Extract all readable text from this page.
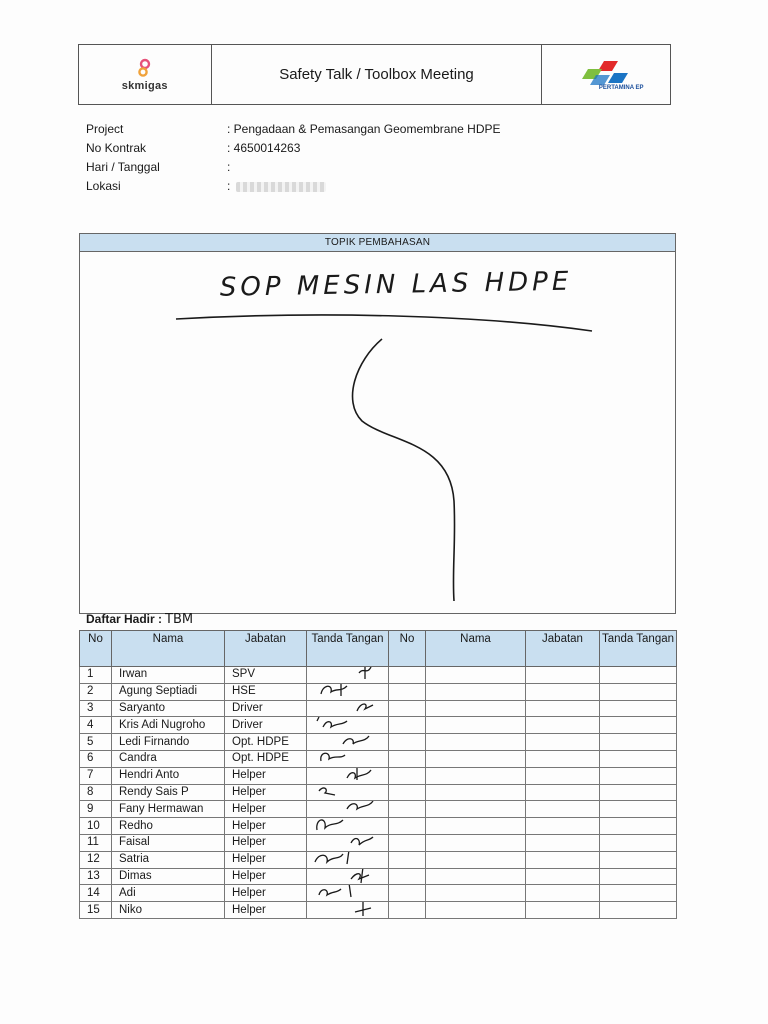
skmigas
Safety Talk / Toolbox Meeting
PERTAMINA EP
Project	: Pengadaan & Pemasangan Geomembrane HDPE
No Kontrak	: 4650014263
Hari / Tanggal	:
Lokasi	:
TOPIK PEMBAHASAN
SOP MESIN LAS HDPE
Daftar Hadir : TBM
No	Nama	Jabatan	Tanda Tangan	No	Nama	Jabatan	Tanda Tangan
1	Irwan	SPV	

2	Agung Septiadi	HSE	

3	Saryanto	Driver	

4	Kris Adi Nugroho	Driver	

5	Ledi Firnando	Opt. HDPE	

6	Candra	Opt. HDPE	

7	Hendri Anto	Helper	

8	Rendy Sais P	Helper	

9	Fany Hermawan	Helper	

10	Redho	Helper	

11	Faisal	Helper	

12	Satria	Helper	

13	Dimas	Helper	

14	Adi	Helper	

15	Niko	Helper	
